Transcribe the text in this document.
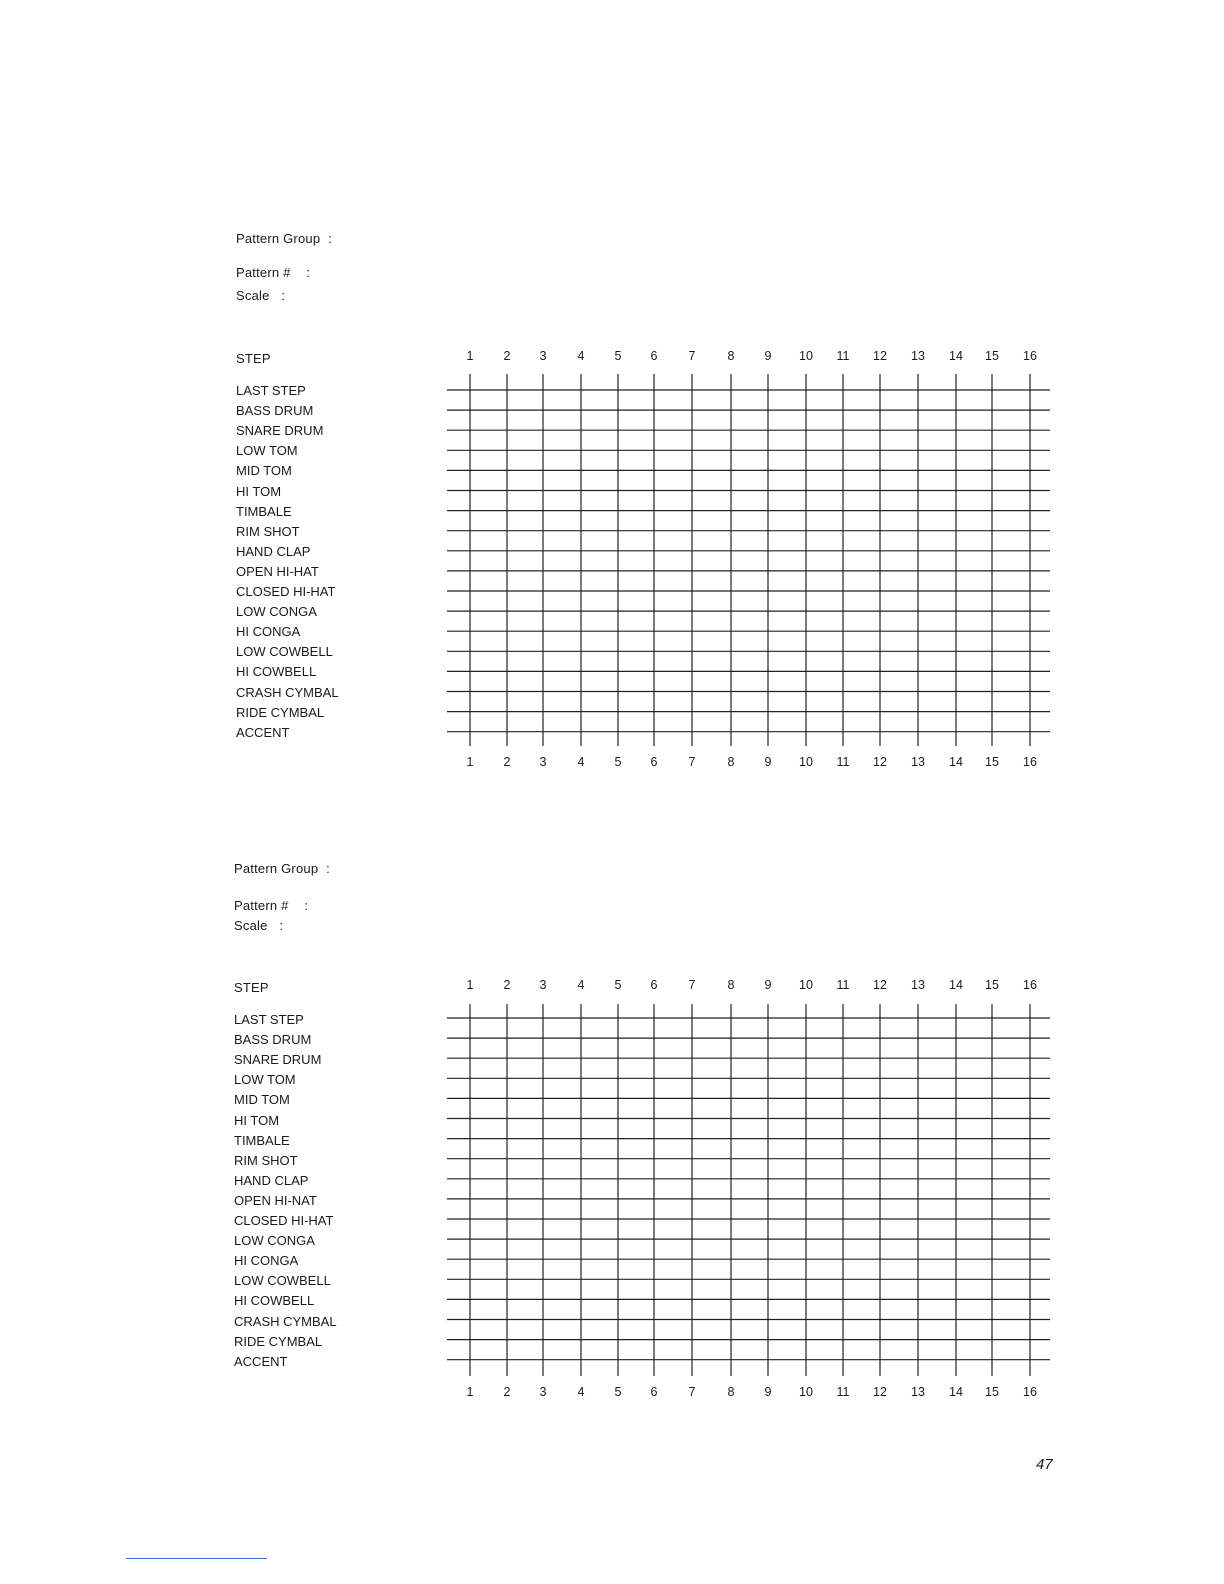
Pattern Group :
Pattern # :
Scale :
STEP
LAST STEP
BASS DRUM
SNARE DRUM
LOW TOM
MID TOM
HI TOM
TIMBALE
RIM SHOT
HAND CLAP
OPEN HI-HAT
CLOSED HI-HAT
LOW CONGA
HI CONGA
LOW COWBELL
HI COWBELL
CRASH CYMBAL
RIDE CYMBAL
ACCENT
1	2	3	4	5	6	7	8	9	10 11 12 13 14 15 16
1	2	3	4	5	6	7	8	9	10 11 12 13 14 15 16
Pattern Group :
Pattern # :
Scale :
STEP
LAST STEP
BASS DRUM
SNARE DRUM
LOW TOM
MID TOM
HI TOM
TIMBALE
RIM SHOT
HAND CLAP
OPEN HI-NAT
CLOSED HI-HAT
LOW CONGA
HI CONGA
LOW COWBELL
HI COWBELL
CRASH CYMBAL
RIDE CYMBAL
ACCENT
1	2	3	4	5	6	7	8	9	10 11 12 13 14 15 16
1	2	3	4	5	6	7	8	9	10 11 12 13 14 15 16
47
